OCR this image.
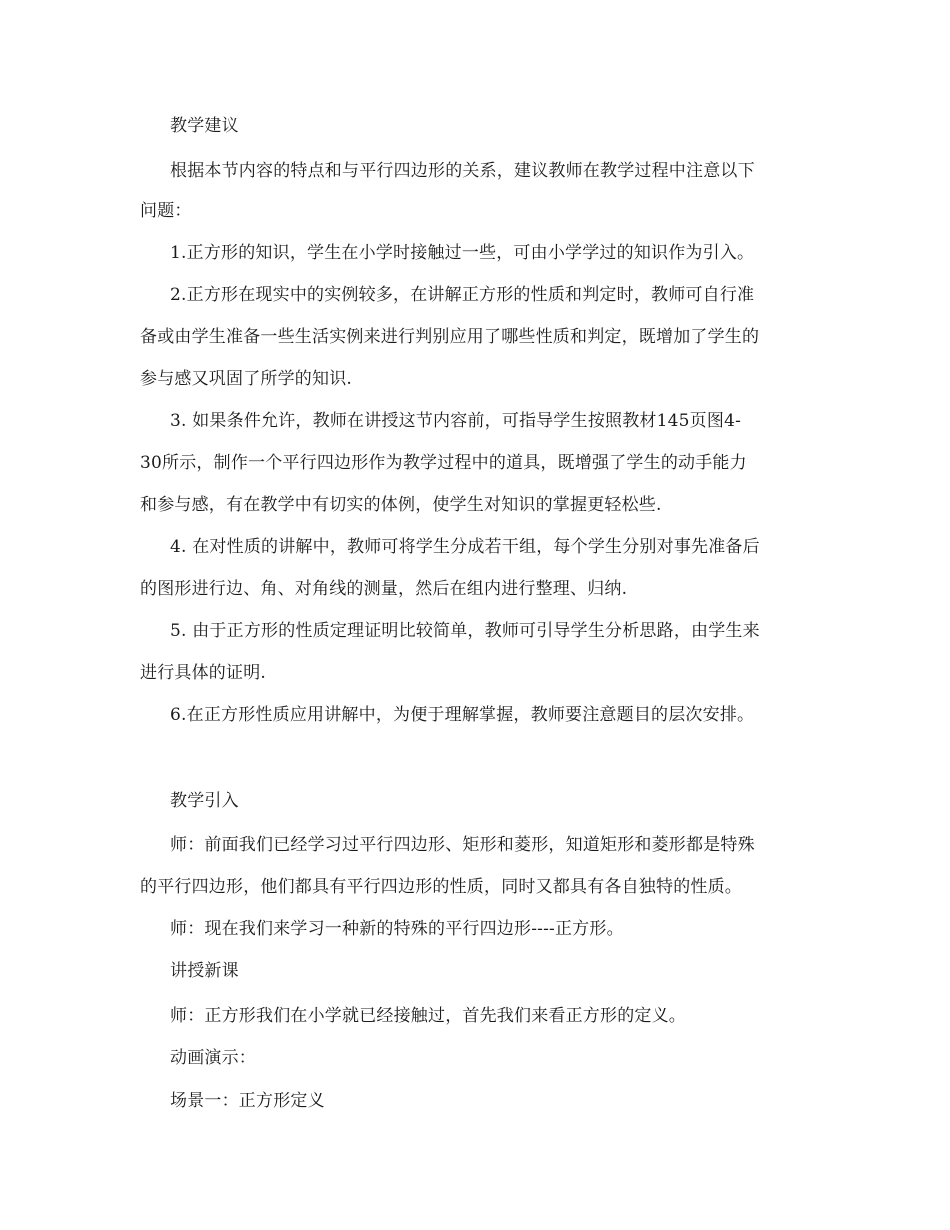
教学建议
根据本节内容的特点和与平行四边形的关系，建议教师在教学过程中注意以下
问题：
1.正方形的知识，学生在小学时接触过一些，可由小学学过的知识作为引入。
2.正方形在现实中的实例较多，在讲解正方形的性质和判定时，教师可自行准
备或由学生准备一些生活实例来进行判别应用了哪些性质和判定，既增加了学生的
参与感又巩固了所学的知识.
3. 如果条件允许，教师在讲授这节内容前，可指导学生按照教材145页图4-
30所示，制作一个平行四边形作为教学过程中的道具，既增强了学生的动手能力
和参与感，有在教学中有切实的体例，使学生对知识的掌握更轻松些.
4. 在对性质的讲解中，教师可将学生分成若干组，每个学生分别对事先准备后
的图形进行边、角、对角线的测量，然后在组内进行整理、归纳.
5. 由于正方形的性质定理证明比较简单，教师可引导学生分析思路，由学生来
进行具体的证明.
6.在正方形性质应用讲解中，为便于理解掌握，教师要注意题目的层次安排。
教学引入
师：前面我们已经学习过平行四边形、矩形和菱形，知道矩形和菱形都是特殊
的平行四边形，他们都具有平行四边形的性质，同时又都具有各自独特的性质。
师：现在我们来学习一种新的特殊的平行四边形----正方形。
讲授新课
师：正方形我们在小学就已经接触过，首先我们来看正方形的定义。
动画演示：
场景一：正方形定义
